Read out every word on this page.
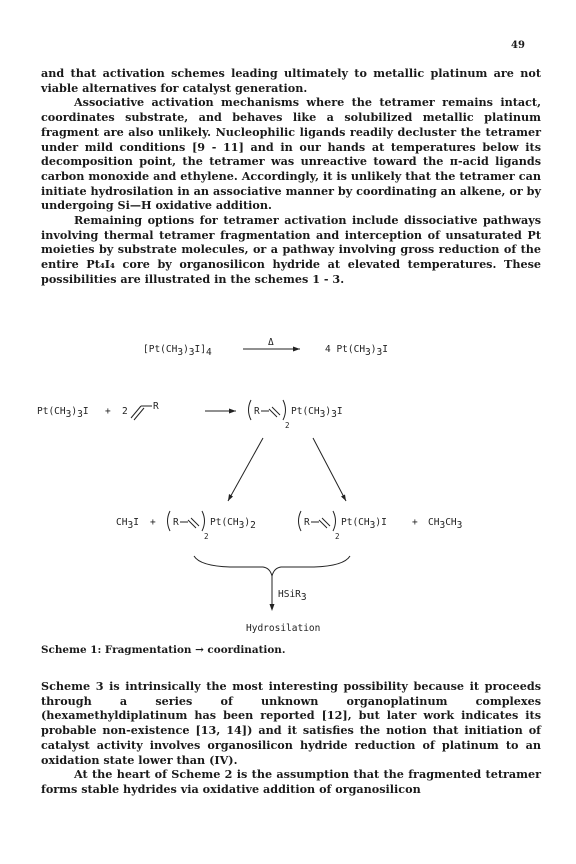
49

and that activation schemes leading ultimately to metallic platinum are not viable alternatives for catalyst generation.

Associative activation mechanisms where the tetramer remains intact, coordinates substrate, and behaves like a solubilized metallic platinum fragment are also unlikely. Nucleophilic ligands readily decluster the tetramer under mild conditions [9 - 11] and in our hands at temperatures below its decomposition point, the tetramer was unreactive toward the π-acid ligands carbon monoxide and ethylene. Accordingly, it is unlikely that the tetramer can initiate hydrosilation in an associative manner by coordinating an alkene, or by undergoing Si—H oxidative addition.

Remaining options for tetramer activation include dissociative pathways involving thermal tetramer fragmentation and interception of unsaturated Pt moieties by substrate molecules, or a pathway involving gross reduction of the entire Pt₄I₄ core by organosilicon hydride at elevated temperatures. These possibilities are illustrated in the schemes 1 - 3.

[Pt(CH3)3I]4
Δ
4 Pt(CH3)3I
Pt(CH3)3I + 2	R	R
2
Pt(CH3)3I
CH3I + R
2
Pt(CH3)2	R
2
Pt(CH3)I	+ CH3CH3
HSiR3
Hydrosilation
Scheme 1: Fragmentation → coordination.

Scheme 3 is intrinsically the most interesting possibility because it proceeds through a series of unknown organoplatinum complexes (hexamethyldiplatinum has been reported [12], but later work indicates its probable non-existence [13, 14]) and it satisfies the notion that initiation of catalyst activity involves organosilicon hydride reduction of platinum to an oxidation state lower than (IV).

At the heart of Scheme 2 is the assumption that the fragmented tetramer forms stable hydrides via oxidative addition of organosilicon
